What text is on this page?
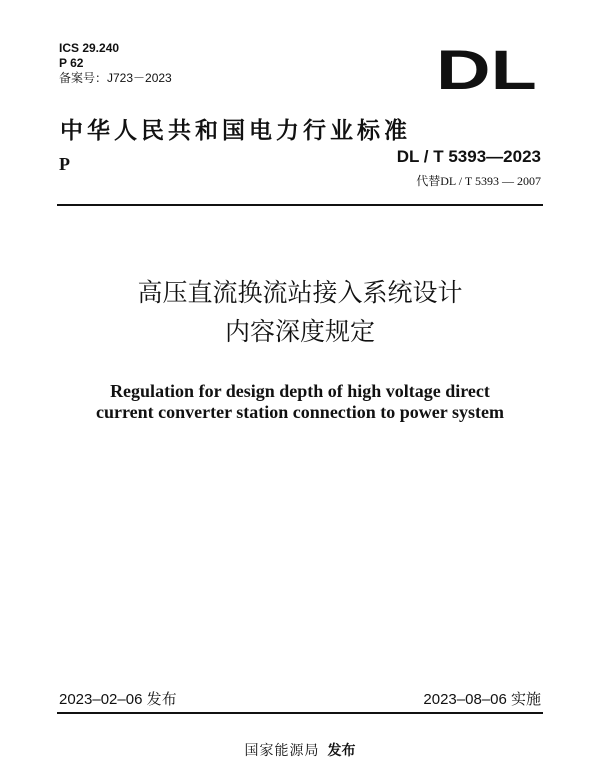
ICS 29.240
P 62
备案号：J723－2023	DL
中华人民共和国电力行业标准
P	DL / T 5393—2023
代替DL / T 5393 — 2007
高压直流换流站接入系统设计
内容深度规定
Regulation for design depth of high voltage direct
current converter station connection to power system
2023–02–06 发布	2023–08–06 实施
国家能源局 发布
